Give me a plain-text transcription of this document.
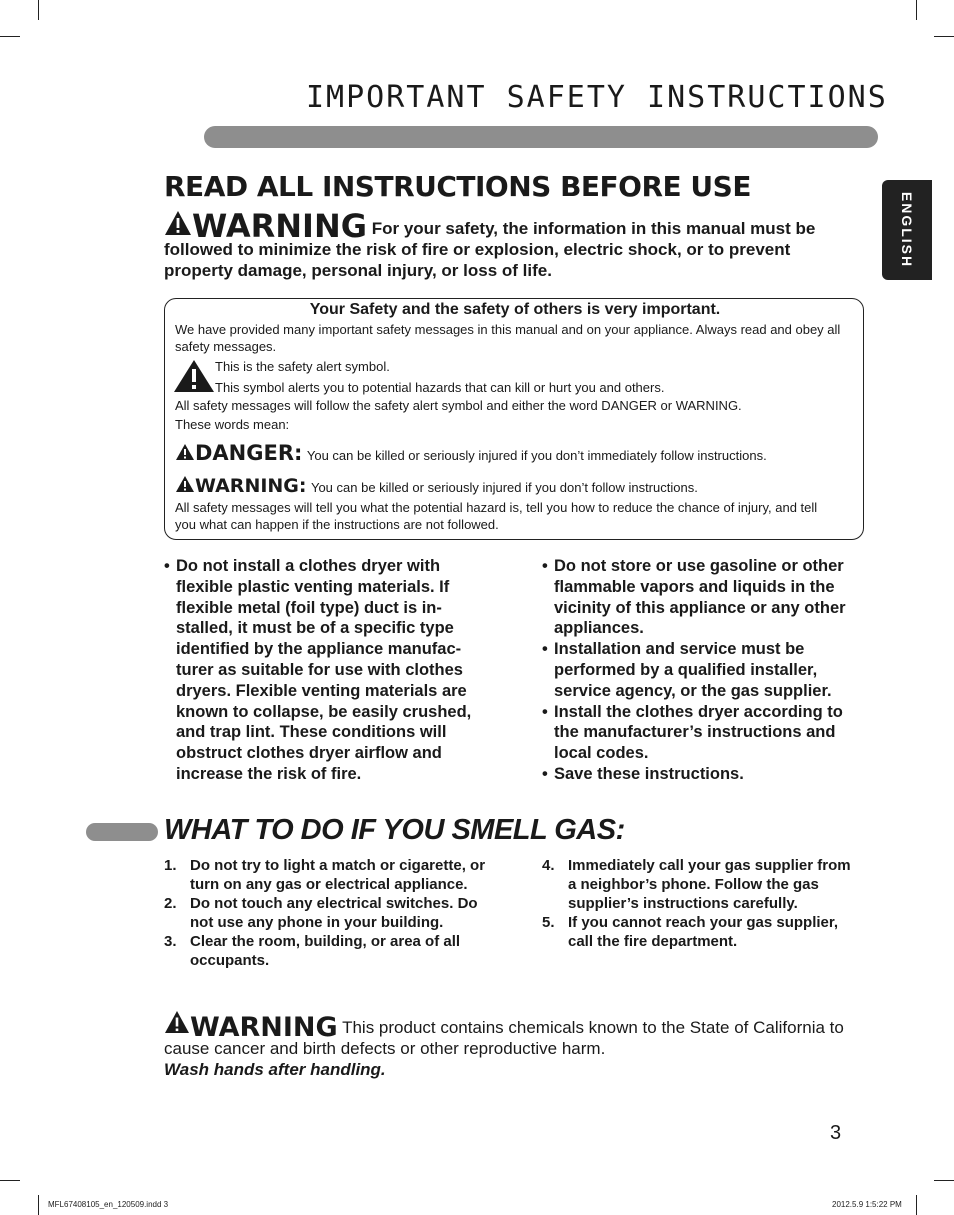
IMPORTANT SAFETY INSTRUCTIONS
ENGLISH
READ ALL INSTRUCTIONS BEFORE USE
WARNING For your safety, the information in this manual must be followed to minimize the risk of fire or explosion, electric shock, or to prevent property damage, personal injury, or loss of life.
Your Safety and the safety of others is very important.
We have provided many important safety messages in this manual and on your appliance. Always read and obey all safety messages.
This is the safety alert symbol.
This symbol alerts you to potential hazards that can kill or hurt you and others.
All safety messages will follow the safety alert symbol and either the word DANGER or WARNING.
These words mean:
DANGER: You can be killed or seriously injured if you don’t immediately follow instructions.
WARNING: You can be killed or seriously injured if you don’t follow instructions.
All safety messages will tell you what the potential hazard is, tell you how to reduce the chance of injury, and tell you what can happen if the instructions are not followed.
• Do not install a clothes dryer with flexible plastic venting materials. If flexible metal (foil type) duct is in-stalled, it must be of a specific type identified by the appliance manufac-turer as suitable for use with clothes dryers. Flexible venting materials are known to collapse, be easily crushed, and trap lint. These conditions will obstruct clothes dryer airflow and increase the risk of fire.
• Do not store or use gasoline or other flammable vapors and liquids in the vicinity of this appliance or any other appliances.
• Installation and service must be performed by a qualified installer, service agency, or the gas supplier.
• Install the clothes dryer according to the manufacturer’s instructions and local codes.
• Save these instructions.
WHAT TO DO IF YOU SMELL GAS:
1. Do not try to light a match or cigarette, or turn on any gas or electrical appliance.
2. Do not touch any electrical switches. Do not use any phone in your building.
3. Clear the room, building, or area of all occupants.
4. Immediately call your gas supplier from a neighbor’s phone. Follow the gas supplier’s instructions carefully.
5. If you cannot reach your gas supplier, call the fire department.
WARNING This product contains chemicals known to the State of California to cause cancer and birth defects or other reproductive harm.
Wash hands after handling.
3
MFL67408105_en_120509.indd 3	2012.5.9 1:5:22 PM
